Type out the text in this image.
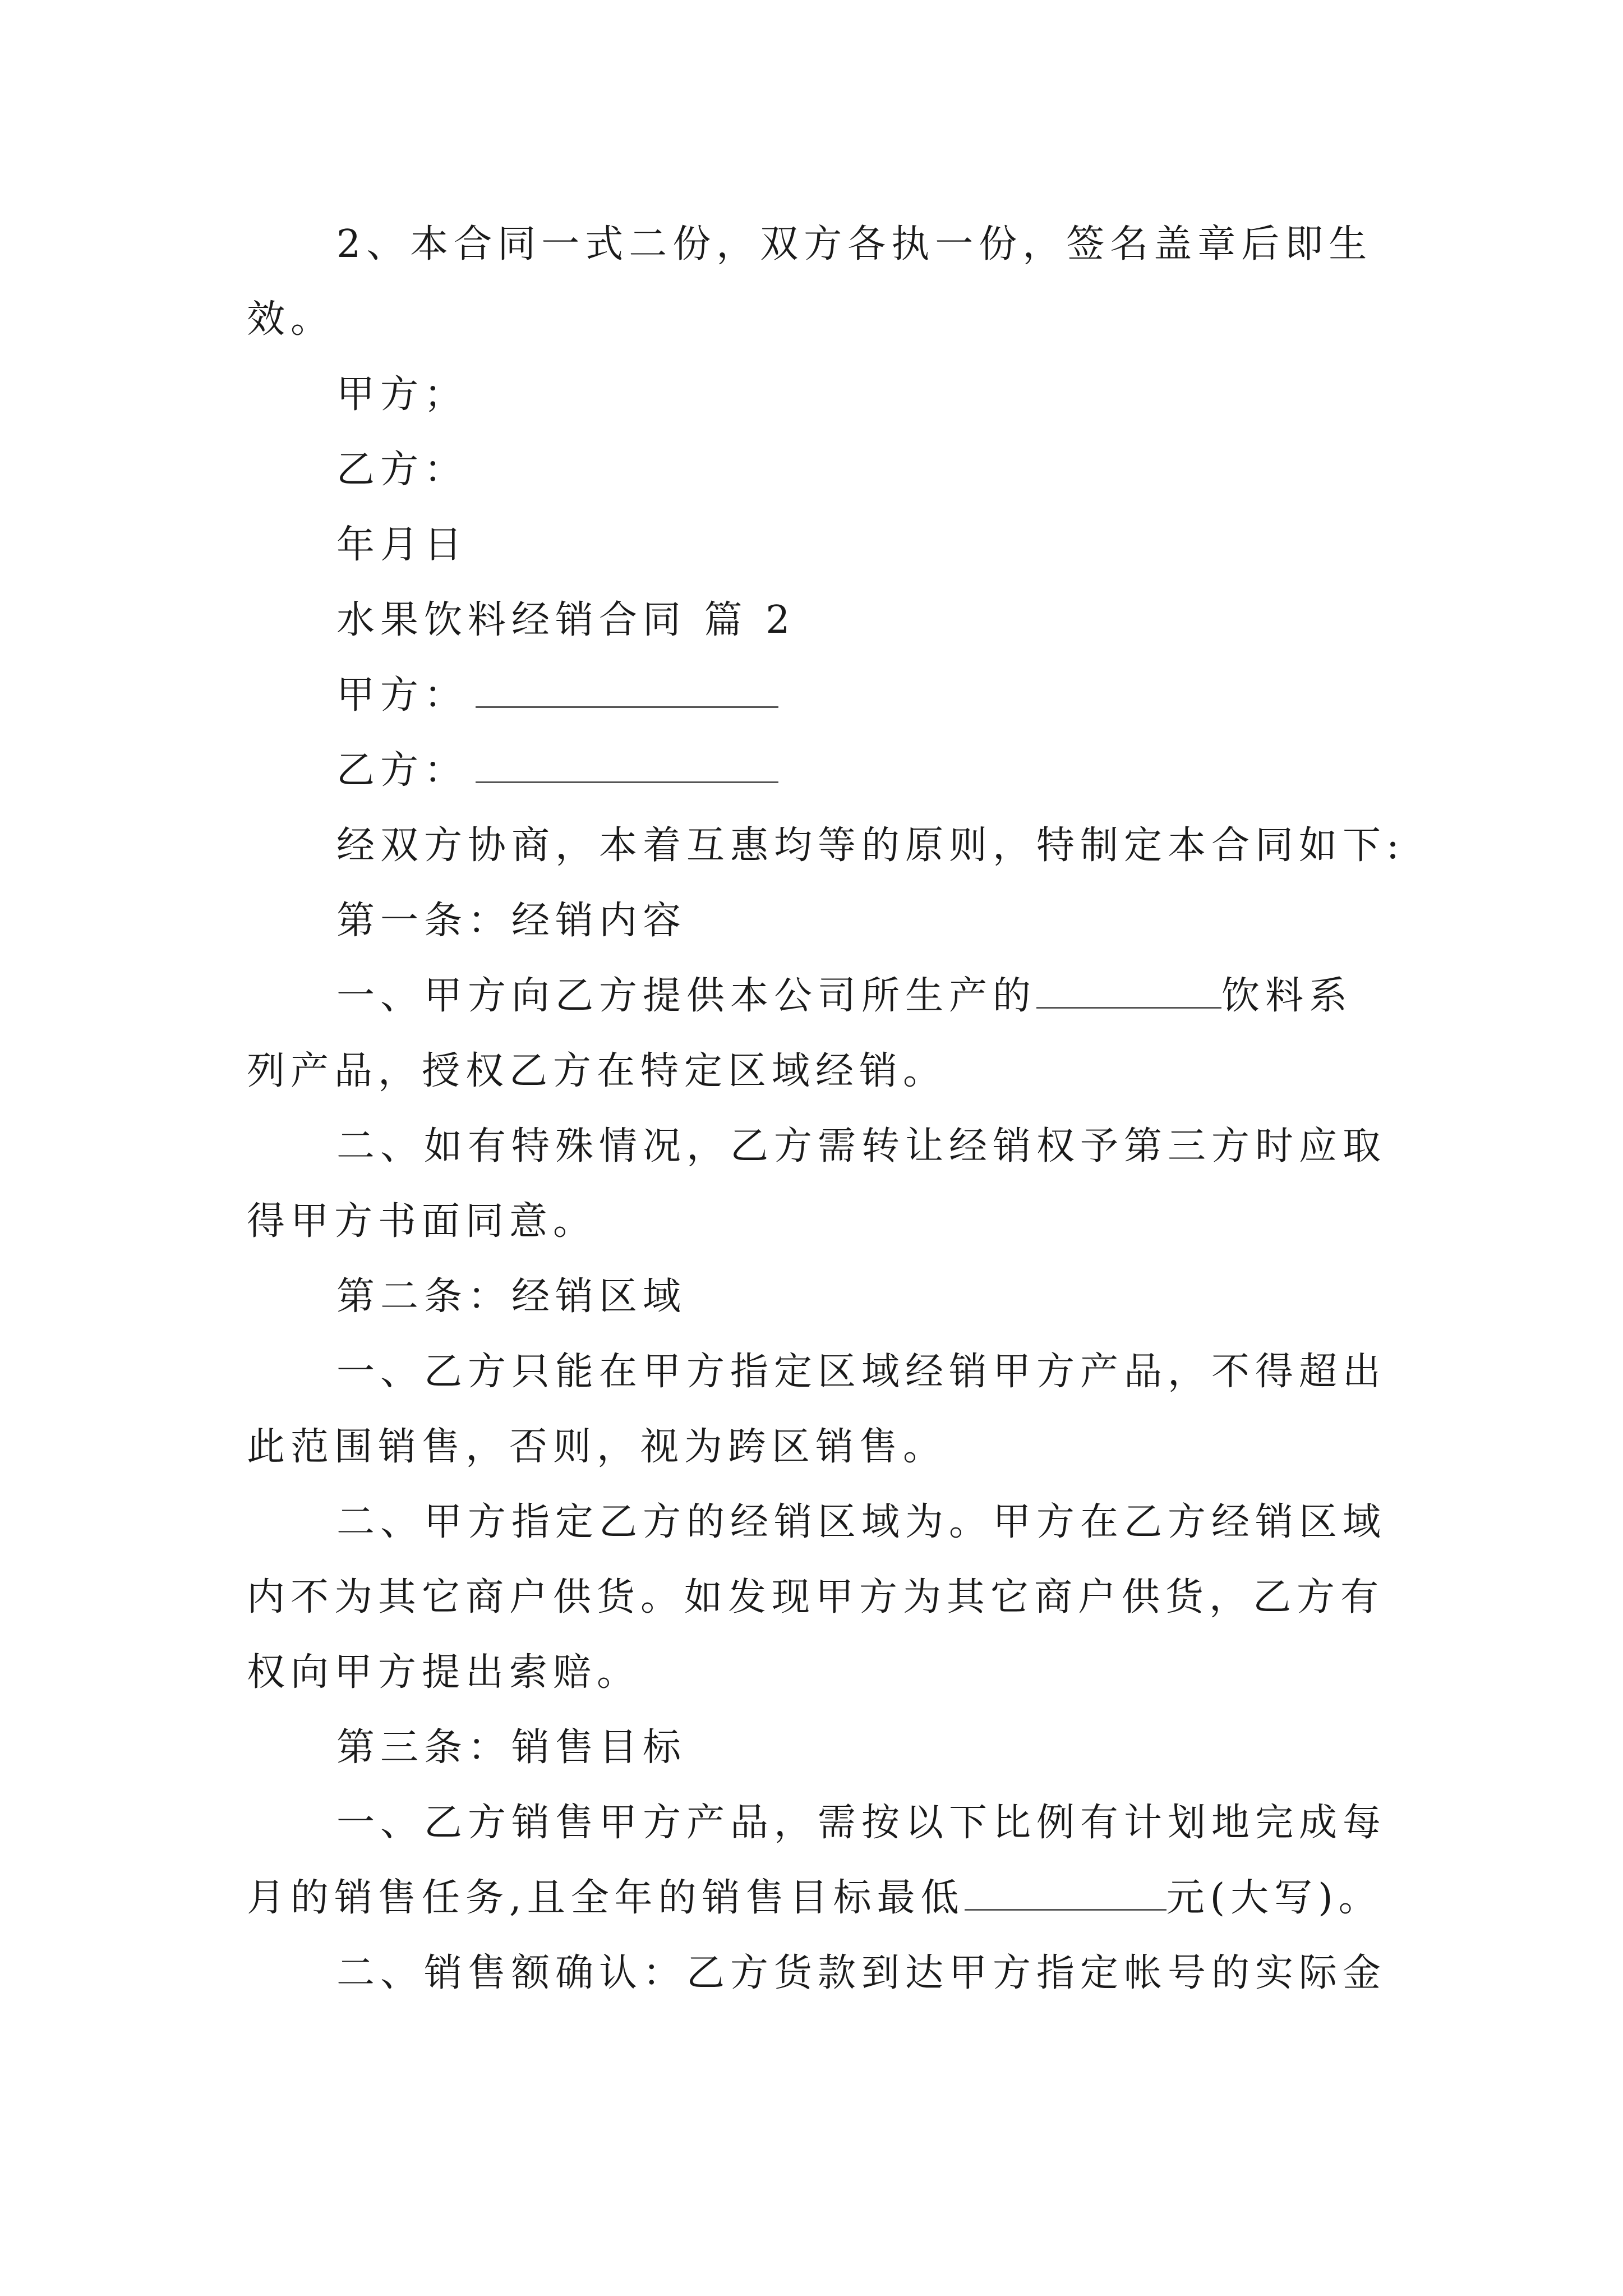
2、本合同一式二份，双方各执一份，签名盖章后即生
效。
甲方；
乙方：
年月日
水果饮料经销合同 篇 2
甲方：
乙方：
经双方协商，本着互惠均等的原则，特制定本合同如下:
第一条：经销内容
一、甲方向乙方提供本公司所生产的	饮料系
列产品，授权乙方在特定区域经销。
二、如有特殊情况，乙方需转让经销权予第三方时应取
得甲方书面同意。
第二条：经销区域
一、乙方只能在甲方指定区域经销甲方产品，不得超出
此范围销售，否则，视为跨区销售。
二、甲方指定乙方的经销区域为。甲方在乙方经销区域
内不为其它商户供货。如发现甲方为其它商户供货，乙方有
权向甲方提出索赔。
第三条：销售目标
一、乙方销售甲方产品，需按以下比例有计划地完成每
月的销售任务,且全年的销售目标最低	元(大写)。
二、销售额确认：乙方货款到达甲方指定帐号的实际金
